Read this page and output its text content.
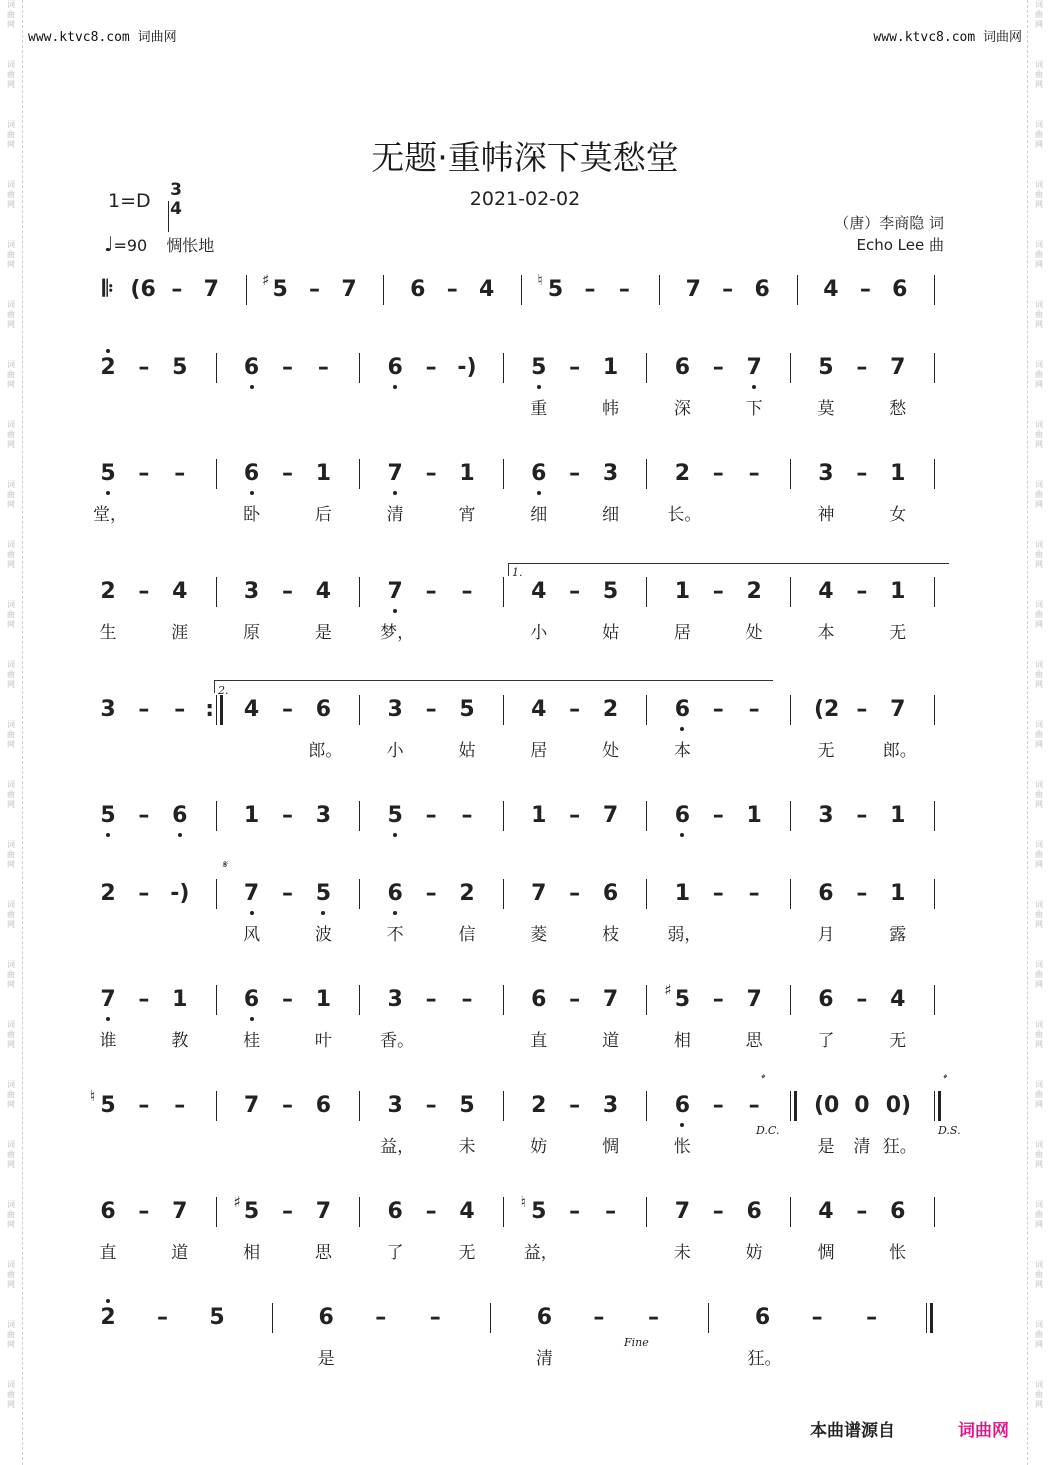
词
曲
网
词
曲
网
词
曲
网
词
曲
网
词
曲
网
词
曲
网
词
曲
网
词
曲
网
词
曲
网
词
曲
网
词
曲
网
词
曲
网
词
曲
网
词
曲
网
词
曲
网
词
曲
网
词
曲
网
词
曲
网
词
曲
网
词
曲
网
词
曲
网
词
曲
网
词
曲
网
词
曲
网
词
曲
网
词
曲
网
词
曲
网
词
曲
网
词
曲
网
词
曲
网
词
曲
网
词
曲
网
词
曲
网
词
曲
网
词
曲
网
词
曲
网
词
曲
网
词
曲
网
词
曲
网
词
曲
网
词
曲
网
词
曲
网
词
曲
网
词
曲
网
词
曲
网
词
曲
网
词
曲
网
词
曲
网
www.ktvc8.com 词曲网	www.ktvc8.com 词曲网
无题·重帏深下莫愁堂
2021-02-02
1=D 3
4
♩=90 惆怅地
（唐）李商隐 词
Echo Lee 曲
𝄆 (6 – 7	♯ 5 – 7 6 – 4	♮ 5 – –	7 – 6 4 – 6
2 – 5	6 – –	6 – -) 5 – 1	6 – 7	5 – 7
重	帏	深	下	莫	愁
5 – –	6 – 1	7 – 1	6 – 3	2 – –	3 – 1
堂，	卧	后	清	宵	细	细	长。	神	女
2 – 4	3 – 4	7 – –	4 – 5	1 – 2	4 – 1
生	涯	原	是	梦，	小	姑	居	处	本	无
3 – – :	4 – 6	3 – 5	4 – 2	6 – – (2 – 7
郎。	小	姑	居	处	本	无	郎。
5 – 6	1 – 3	5 – –	1 – 7	6 – 1	3 – 1
2 – -) 7 – 5	6 – 2	7 – 6	1 – –	6 – 1
风	波	不	信	菱	枝	弱，	月	露
7 – 1	6 – 1	3 – –	6 – 7	♯ 5 – 7	6 – 4
谁	教	桂	叶	香。	直	道	相	思	了	无
♮ 5 – –	7 – 6	3 – 5	2 – 3	6 – – (0 0 0)
益，	未	妨	惆	怅	是	清 狂。
6 – 7	♯ 5 – 7	6 – 4	♮ 5 – –	7 – 6	4 – 6
直	道	相	思	了	无	益，	未	妨	惆	怅
2 – 5	6 – –	6 – –	6 – –
是	清	狂。
1.
2.
𝄋
𝄌	𝄌
D.C.	D.S.
Fine
本曲谱源自	词曲网
